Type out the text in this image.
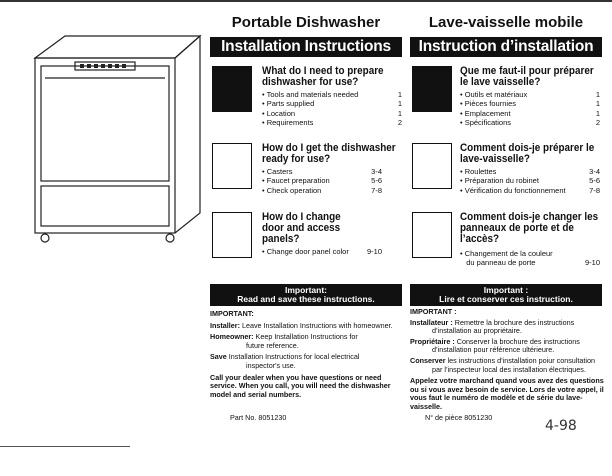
Portable Dishwasher
Installation Instructions
What do I need to prepare dishwasher for use?
• Tools and materials needed	1
• Parts supplied	1
• Location	1
• Requirements	2
How do I get the dishwasher ready for use?
• Casters	3-4
• Faucet preparation	5-6
• Check operation	7-8
How do I change door and access panels?
• Change door panel color 9-10
Important:
Read and save these instructions.
IMPORTANT:
Installer: Leave Installation Instructions with homeowner.
Homeowner: Keep Installation Instructions for
future reference.
Save Installation Instructions for local electrical
inspector's use.
Call your dealer when you have questions or need service. When you call, you will need the dishwasher model and serial numbers.
Part No. 8051230
Lave-vaisselle mobile
Instruction d’installation
Que me faut-il pour préparer le lave vaisselle?
• Outils et matériaux	1
• Pièces fournies	1
• Emplacement	1
• Spécifications	2
Comment dois-je préparer le lave-vaisselle?
• Roulettes	3-4
• Préparation du robinet	5-6
• Vérification du fonctionnement	7-8
Comment dois-je changer les panneaux de porte et de l’accès?
• Changement de la couleur
du panneau de porte	9-10
Important :
Lire et conserver ces instruction.
IMPORTANT :
Installateur : Remettre la brochure des instructions
d’installation au propriétaire.
Propriétaire : Conserver la brochure des instructions
d’installation pour référence ultérieure.
Conserver les instructions d’installation poiur consultation
par l’inspecteur local des installation électriques.
Appelez votre marchand quand vous avez des questions ou si vous avez besoin de service. Lors de votre appel, il vous faut le numéro de modèle et de série du lave-vaisselle.
N° de pièce 8051230
4-98
